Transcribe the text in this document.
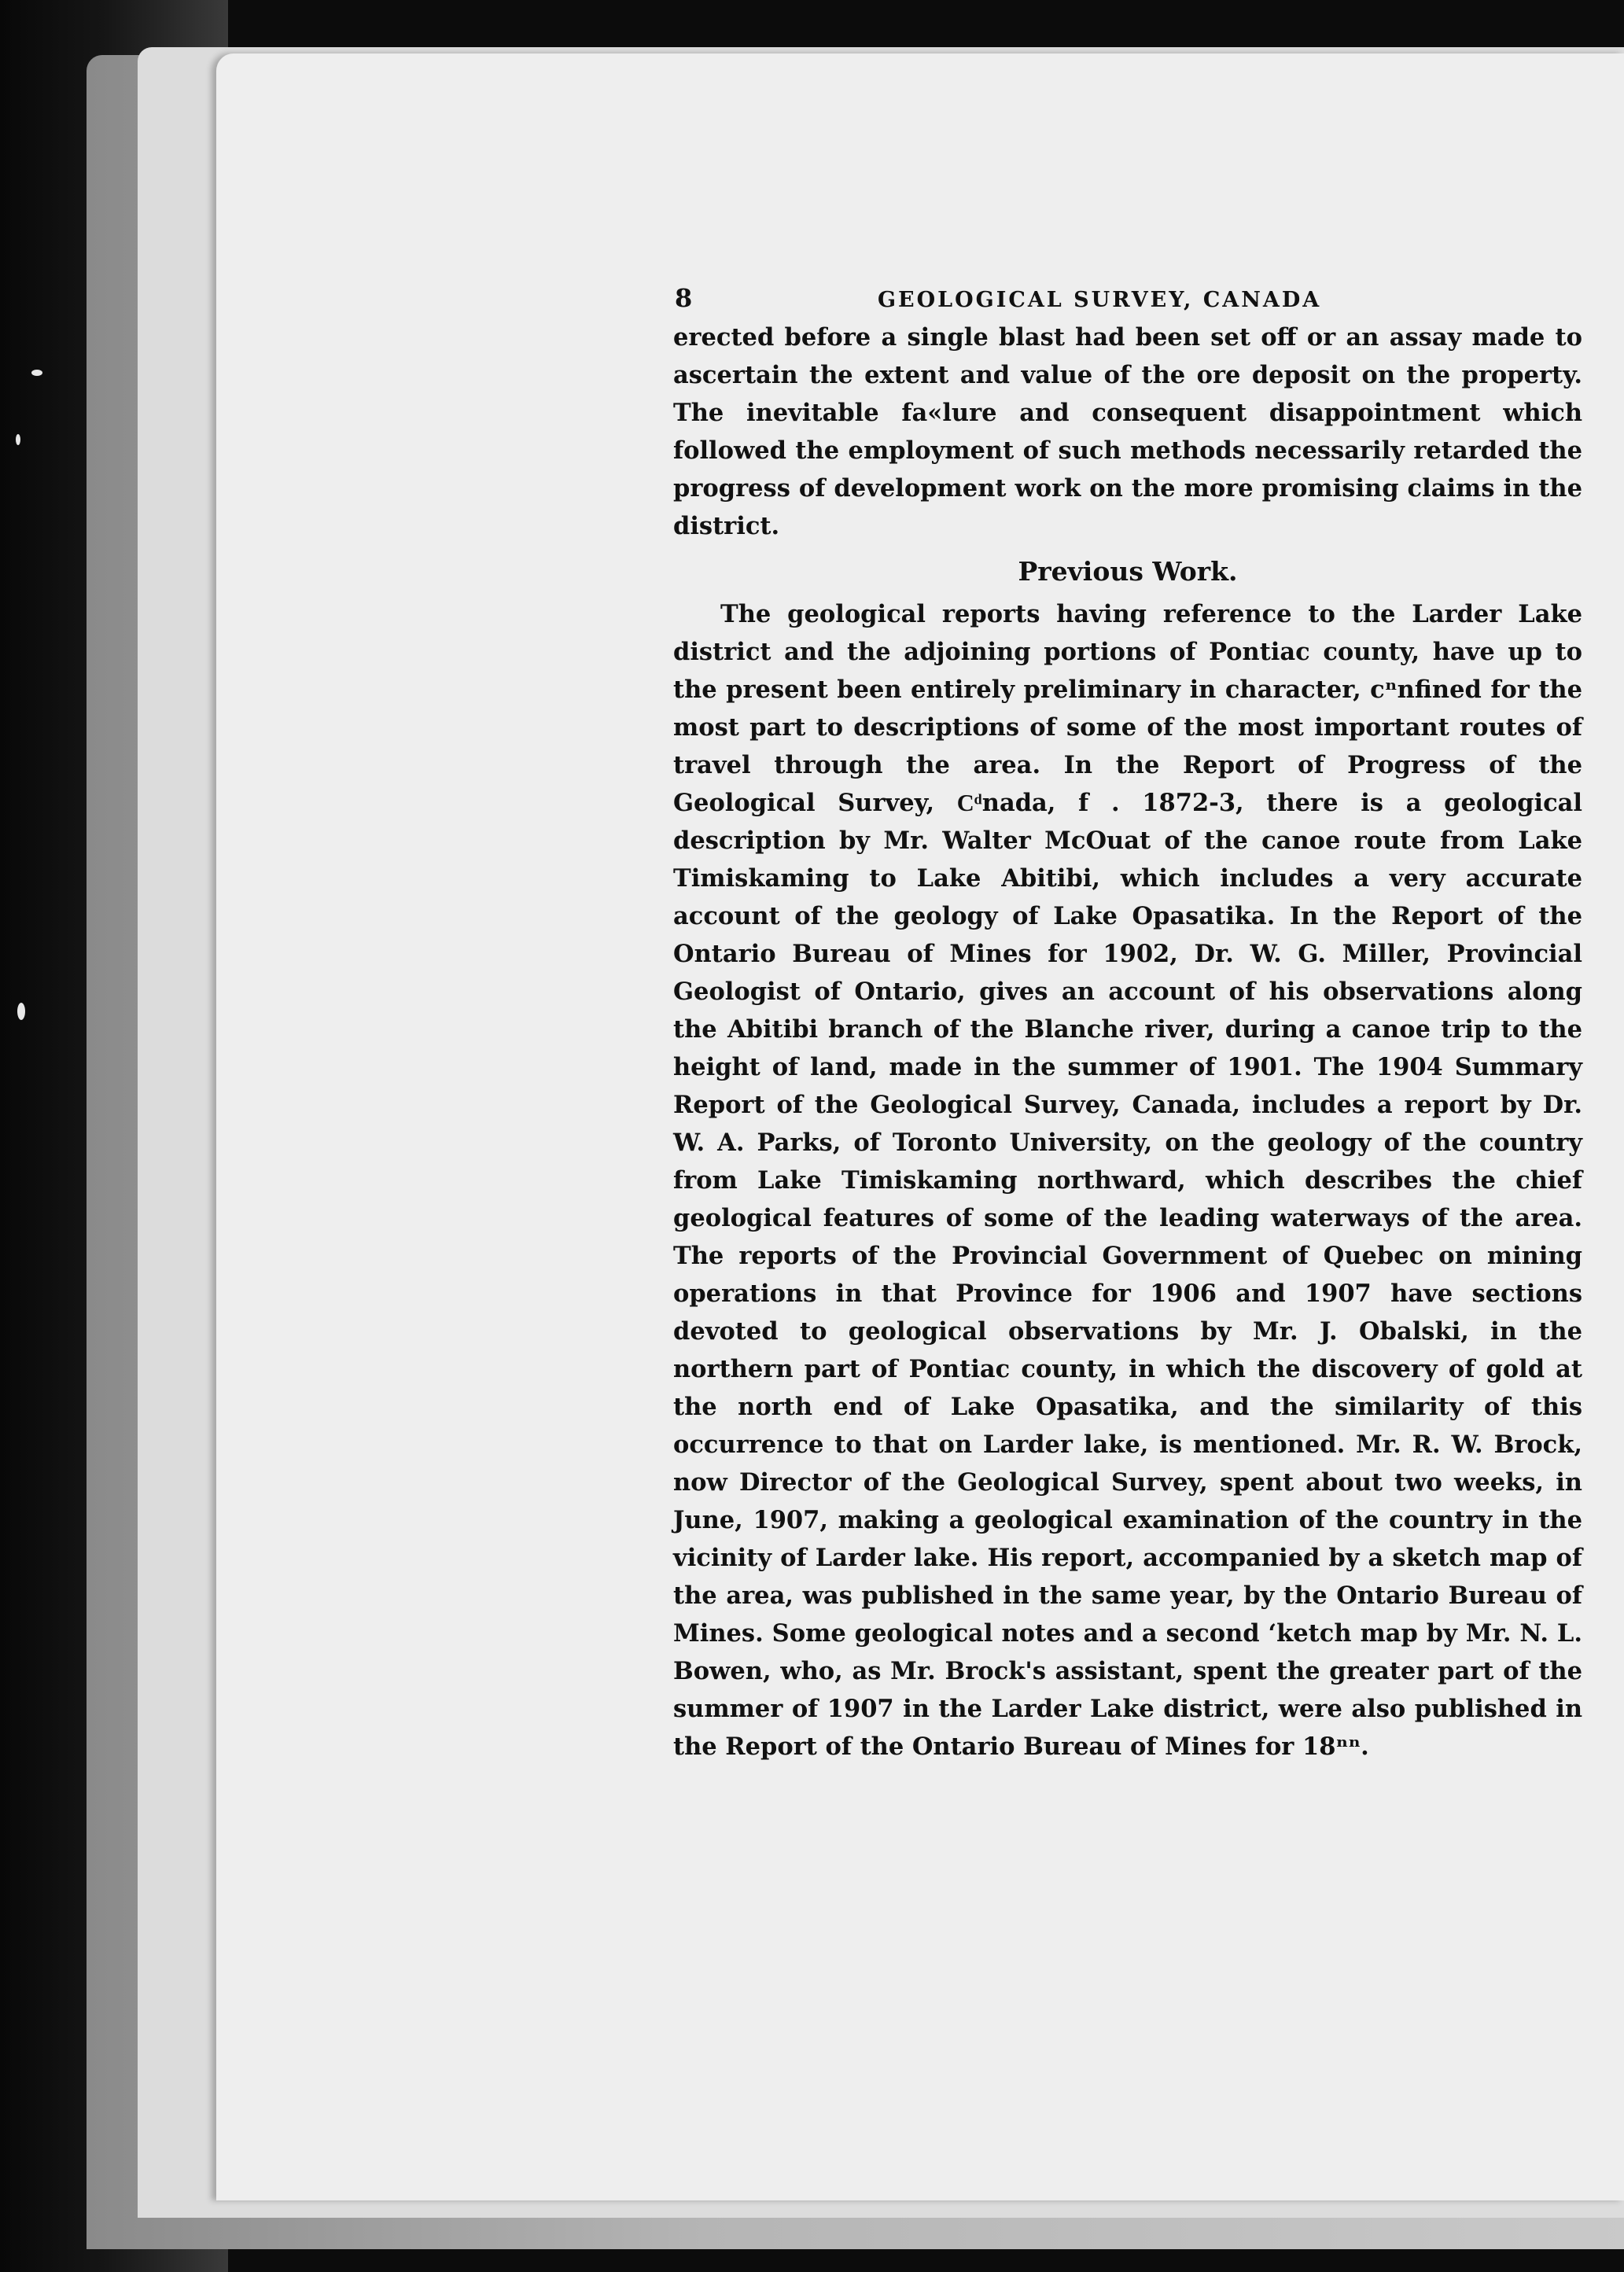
8	GEOLOGICAL SURVEY, CANADA

erected before a single blast had been set off or an assay made to ascertain the extent and value of the ore deposit on the property. The inevitable fa«lure and consequent disappointment which followed the employment of such methods necessarily retarded the progress of development work on the more promising claims in the district.

Previous Work.

The geological reports having reference to the Larder Lake district and the adjoining portions of Pontiac county, have up to the present been entirely preliminary in character, cⁿnfined for the most part to descriptions of some of the most important routes of travel through the area. In the Report of Progress of the Geological Survey, Cͩnada, f ․ 1872-3, there is a geological description by Mr. Walter McOuat of the canoe route from Lake Timiskaming to Lake Abitibi, which includes a very accurate account of the geology of Lake Opasatika. In the Report of the Ontario Bureau of Mines for 1902, Dr. W. G. Miller, Provincial Geologist of Ontario, gives an account of his observations along the Abitibi branch of the Blanche river, during a canoe trip to the height of land, made in the summer of 1901. The 1904 Summary Report of the Geological Survey, Canada, includes a report by Dr. W. A. Parks, of Toronto University, on the geology of the country from Lake Timiskaming northward, which describes the chief geological features of some of the leading waterways of the area. The reports of the Provincial Government of Quebec on mining operations in that Province for 1906 and 1907 have sections devoted to geological observations by Mr. J. Obalski, in the northern part of Pontiac county, in which the discovery of gold at the north end of Lake Opasatika, and the similarity of this occurrence to that on Larder lake, is mentioned. Mr. R. W. Brock, now Director of the Geological Survey, spent about two weeks, in June, 1907, making a geological examination of the country in the vicinity of Larder lake. His report, accompanied by a sketch map of the area, was published in the same year, by the Ontario Bureau of Mines. Some geological notes and a second ʻketch map by Mr. N. L. Bowen, who, as Mr. Brock's assistant, spent the greater part of the summer of 1907 in the Larder Lake district, were also published in the Report of the Ontario Bureau of Mines for 18ⁿⁿ.
